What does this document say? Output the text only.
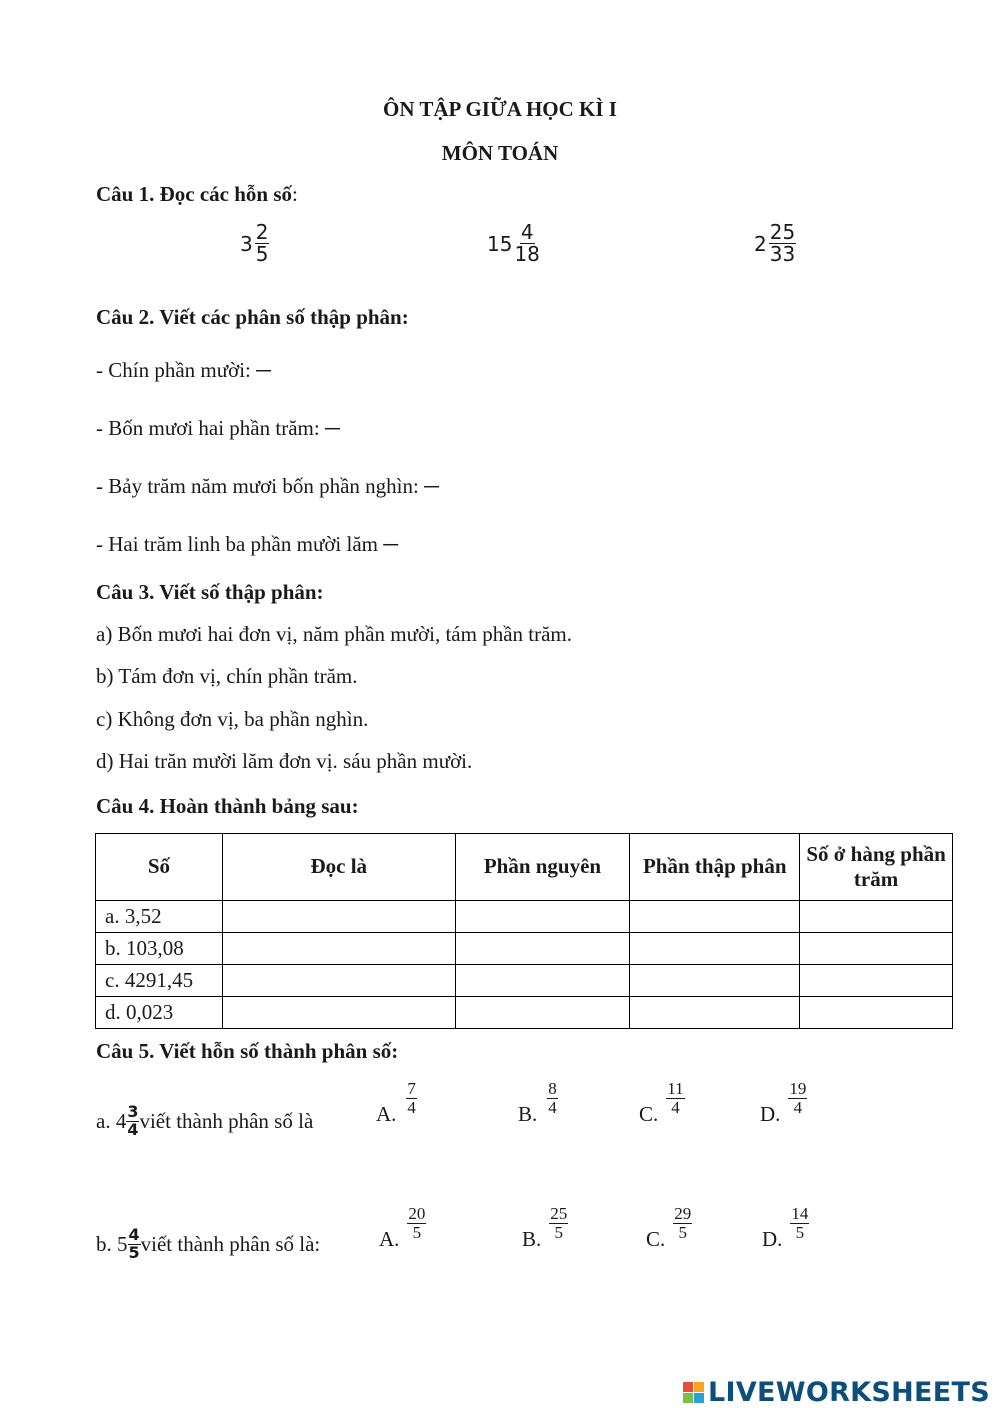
ÔN TẬP GIỮA HỌC KÌ I
MÔN TOÁN
Câu 1. Đọc các hỗn số:
$3 \frac{2}{5}$	$15 \frac{4}{18}$	$2 \frac{25}{33}$
Câu 2. Viết các phân số thập phân:
- Chín phần mười: ─
- Bốn mươi hai phần trăm: ─
- Bảy trăm năm mươi bốn phần nghìn: ─
- Hai trăm linh ba phần mười lăm ─
Câu 3. Viết số thập phân:
a) Bốn mươi hai đơn vị, năm phần mười, tám phần trăm.
b) Tám đơn vị, chín phần trăm.
c) Không đơn vị, ba phần nghìn.
d) Hai trăn mười lăm đơn vị. sáu phần mười.
Câu 4. Hoàn thành bảng sau:
Số	Đọc là	Phần nguyên	Phần thập phân	Số ở hàng phần trăm
a. 3,52				
b. 103,08				
c. 4291,45				
d. 0,023				
Câu 5. Viết hỗn số thành phân số:
a. $4 \frac{3}{4}$ viết thành phân số là	A. $\frac{7}{4}$	B. $\frac{8}{4}$	C. $\frac{11}{4}$	D. $\frac{19}{4}$
b. $5 \frac{4}{5}$ viết thành phân số là:	A. $\frac{20}{5}$	B. $\frac{25}{5}$	C. $\frac{29}{5}$	D. $\frac{14}{5}$
LIVEWORKSHEETS
